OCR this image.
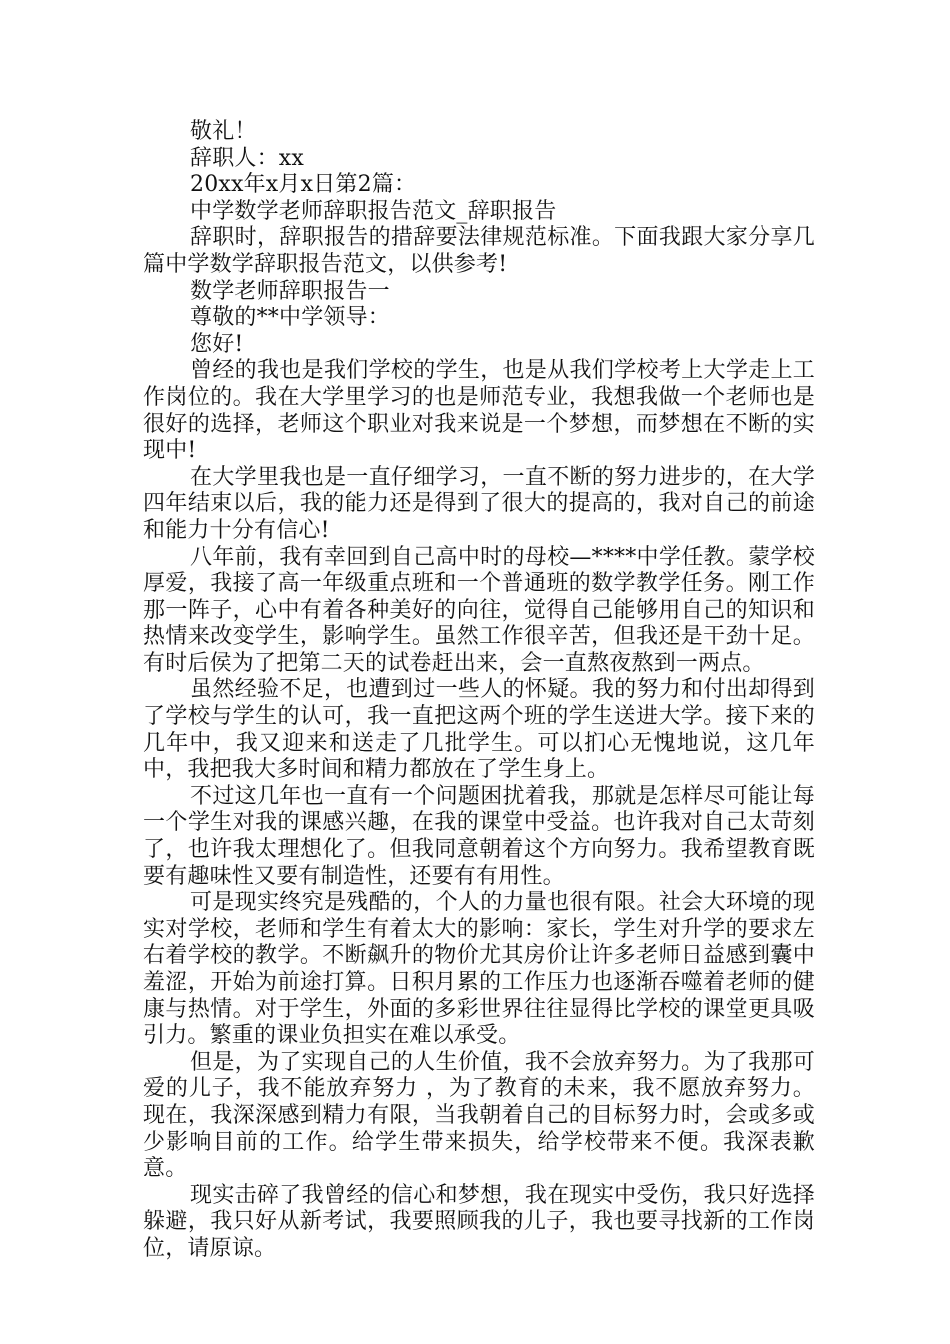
敬礼！

辞职人：xx

20xx年x月x日第2篇：

中学数学老师辞职报告范文_辞职报告

辞职时，辞职报告的措辞要法律规范标准。下面我跟大家分享几篇中学数学辞职报告范文，以供参考!

数学老师辞职报告一

尊敬的**中学领导：

您好!

曾经的我也是我们学校的学生，也是从我们学校考上大学走上工作岗位的。我在大学里学习的也是师范专业，我想我做一个老师也是很好的选择，老师这个职业对我来说是一个梦想，而梦想在不断的实现中!

在大学里我也是一直仔细学习，一直不断的努力进步的，在大学四年结束以后，我的能力还是得到了很大的提高的，我对自己的前途和能力十分有信心!

八年前，我有幸回到自己高中时的母校—****中学任教。蒙学校厚爱，我接了高一年级重点班和一个普通班的数学教学任务。刚工作那一阵子，心中有着各种美好的向往，觉得自己能够用自己的知识和热情来改变学生，影响学生。虽然工作很辛苦，但我还是干劲十足。有时后侯为了把第二天的试卷赶出来，会一直熬夜熬到一两点。

虽然经验不足，也遭到过一些人的怀疑。我的努力和付出却得到了学校与学生的认可，我一直把这两个班的学生送进大学。接下来的几年中，我又迎来和送走了几批学生。可以扪心无愧地说，这几年中，我把我大多时间和精力都放在了学生身上。

不过这几年也一直有一个问题困扰着我，那就是怎样尽可能让每一个学生对我的课感兴趣，在我的课堂中受益。也许我对自己太苛刻了，也许我太理想化了。但我同意朝着这个方向努力。我希望教育既要有趣味性又要有制造性，还要有有用性。

可是现实终究是残酷的，个人的力量也很有限。社会大环境的现实对学校，老师和学生有着太大的影响：家长，学生对升学的要求左右着学校的教学。不断飙升的物价尤其房价让许多老师日益感到囊中羞涩，开始为前途打算。日积月累的工作压力也逐渐吞噬着老师的健康与热情。对于学生，外面的多彩世界往往显得比学校的课堂更具吸引力。繁重的课业负担实在难以承受。

但是，为了实现自己的人生价值，我不会放弃努力。为了我那可爱的儿子，我不能放弃努力 ，为了教育的未来，我不愿放弃努力。现在，我深深感到精力有限，当我朝着自己的目标努力时，会或多或少影响目前的工作。给学生带来损失，给学校带来不便。我深表歉意。

现实击碎了我曾经的信心和梦想，我在现实中受伤，我只好选择躲避，我只好从新考试，我要照顾我的儿子，我也要寻找新的工作岗位，请原谅。
